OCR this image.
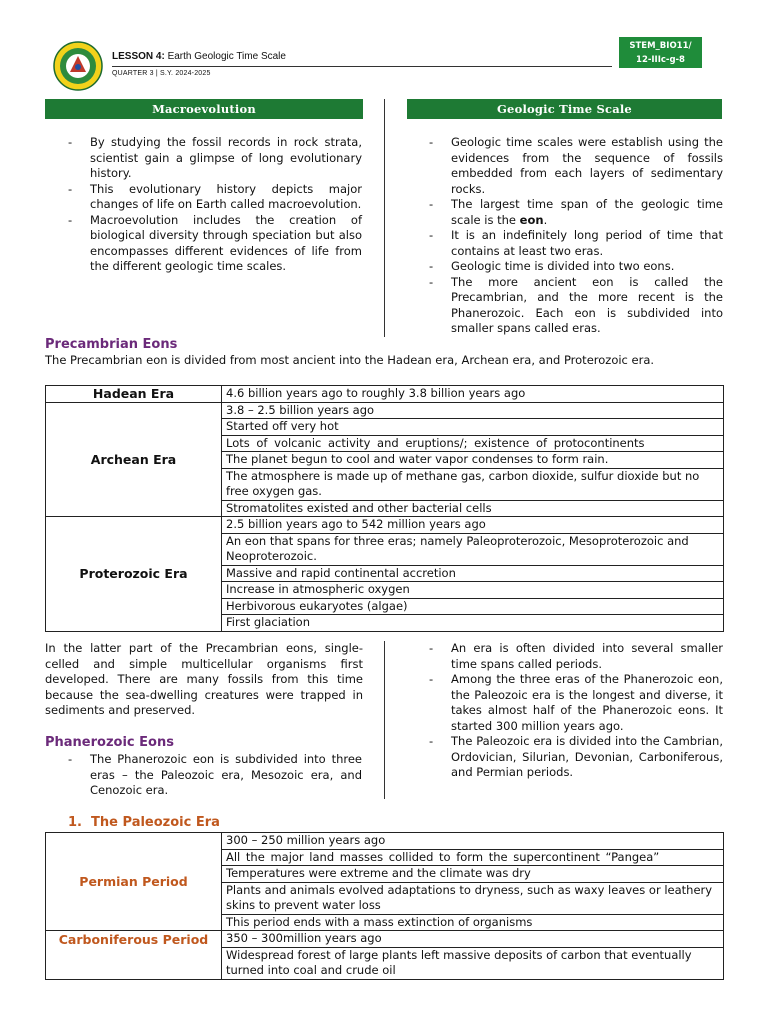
LESSON 4: Earth Geologic Time Scale

QUARTER 3 | S.Y. 2024-2025

STEM_BIO11/
12-IIIc-g-8
Macroevolution	Geologic Time Scale
- By studying the fossil records in rock strata, scientist gain a glimpse of long evolutionary history.
- This evolutionary history depicts major changes of life on Earth called macroevolution.
- Macroevolution includes the creation of biological diversity through speciation but also encompasses different evidences of life from the different geologic time scales.
- Geologic time scales were establish using the evidences from the sequence of fossils embedded from each layers of sedimentary rocks.
- The largest time span of the geologic time scale is the eon.
- It is an indefinitely long period of time that contains at least two eras.
- Geologic time is divided into two eons.
- The more ancient eon is called the Precambrian, and the more recent is the Phanerozoic. Each eon is subdivided into smaller spans called eras.

Precambrian Eons

The Precambrian eon is divided from most ancient into the Hadean era, Archean era, and Proterozoic era.

Hadean Era	4.6 billion years ago to roughly 3.8 billion years ago
Archean Era	3.8 – 2.5 billion years ago
	Started off very hot
	Lots of volcanic activity and eruptions/; existence of protocontinents
	The planet begun to cool and water vapor condenses to form rain.
	The atmosphere is made up of methane gas, carbon dioxide, sulfur dioxide but no free oxygen gas.
	Stromatolites existed and other bacterial cells
Proterozoic Era	2.5 billion years ago to 542 million years ago
	An eon that spans for three eras; namely Paleoproterozoic, Mesoproterozoic and Neoproterozoic.
	Massive and rapid continental accretion
	Increase in atmospheric oxygen
	Herbivorous eukaryotes (algae)
	First glaciation

In the latter part of the Precambrian eons, single-celled and simple multicellular organisms first developed. There are many fossils from this time because the sea-dwelling creatures were trapped in sediments and preserved.

Phanerozoic Eons

- The Phanerozoic eon is subdivided into three eras – the Paleozoic era, Mesozoic era, and Cenozoic era.
- An era is often divided into several smaller time spans called periods.
- Among the three eras of the Phanerozoic eon, the Paleozoic era is the longest and diverse, it takes almost half of the Phanerozoic eons. It started 300 million years ago.
- The Paleozoic era is divided into the Cambrian, Ordovician, Silurian, Devonian, Carboniferous, and Permian periods.

1. The Paleozoic Era

Permian Period	300 – 250 million years ago
	All the major land masses collided to form the supercontinent “Pangea”
	Temperatures were extreme and the climate was dry
	Plants and animals evolved adaptations to dryness, such as waxy leaves or leathery skins to prevent water loss
	This period ends with a mass extinction of organisms
Carboniferous Period	350 – 300million years ago
	Widespread forest of large plants left massive deposits of carbon that eventually turned into coal and crude oil
